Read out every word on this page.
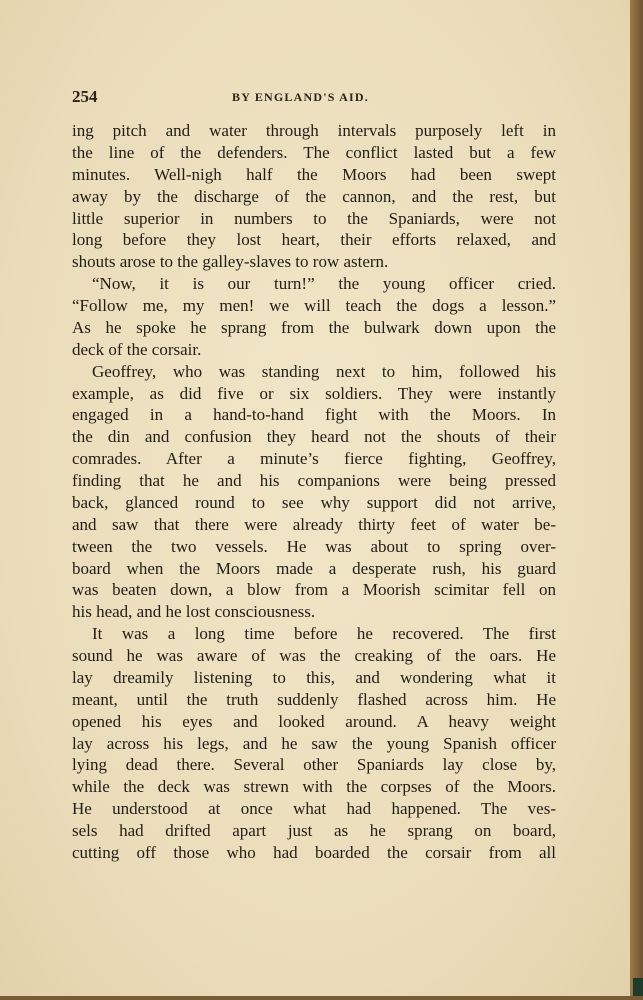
254	BY ENGLAND'S AID.
ing pitch and water through intervals purposely left in
the line of the defenders. The conflict lasted but a few
minutes. Well-nigh half the Moors had been swept
away by the discharge of the cannon, and the rest, but
little superior in numbers to the Spaniards, were not
long before they lost heart, their efforts relaxed, and
shouts arose to the galley-slaves to row astern.
“Now, it is our turn!” the young officer cried.
“Follow me, my men! we will teach the dogs a lesson.”
As he spoke he sprang from the bulwark down upon the
deck of the corsair.
Geoffrey, who was standing next to him, followed his
example, as did five or six soldiers. They were instantly
engaged in a hand-to-hand fight with the Moors. In
the din and confusion they heard not the shouts of their
comrades. After a minute’s fierce fighting, Geoffrey,
finding that he and his companions were being pressed
back, glanced round to see why support did not arrive,
and saw that there were already thirty feet of water be-
tween the two vessels. He was about to spring over-
board when the Moors made a desperate rush, his guard
was beaten down, a blow from a Moorish scimitar fell on
his head, and he lost consciousness.
It was a long time before he recovered. The first
sound he was aware of was the creaking of the oars. He
lay dreamily listening to this, and wondering what it
meant, until the truth suddenly flashed across him. He
opened his eyes and looked around. A heavy weight
lay across his legs, and he saw the young Spanish officer
lying dead there. Several other Spaniards lay close by,
while the deck was strewn with the corpses of the Moors.
He understood at once what had happened. The ves-
sels had drifted apart just as he sprang on board,
cutting off those who had boarded the corsair from all
